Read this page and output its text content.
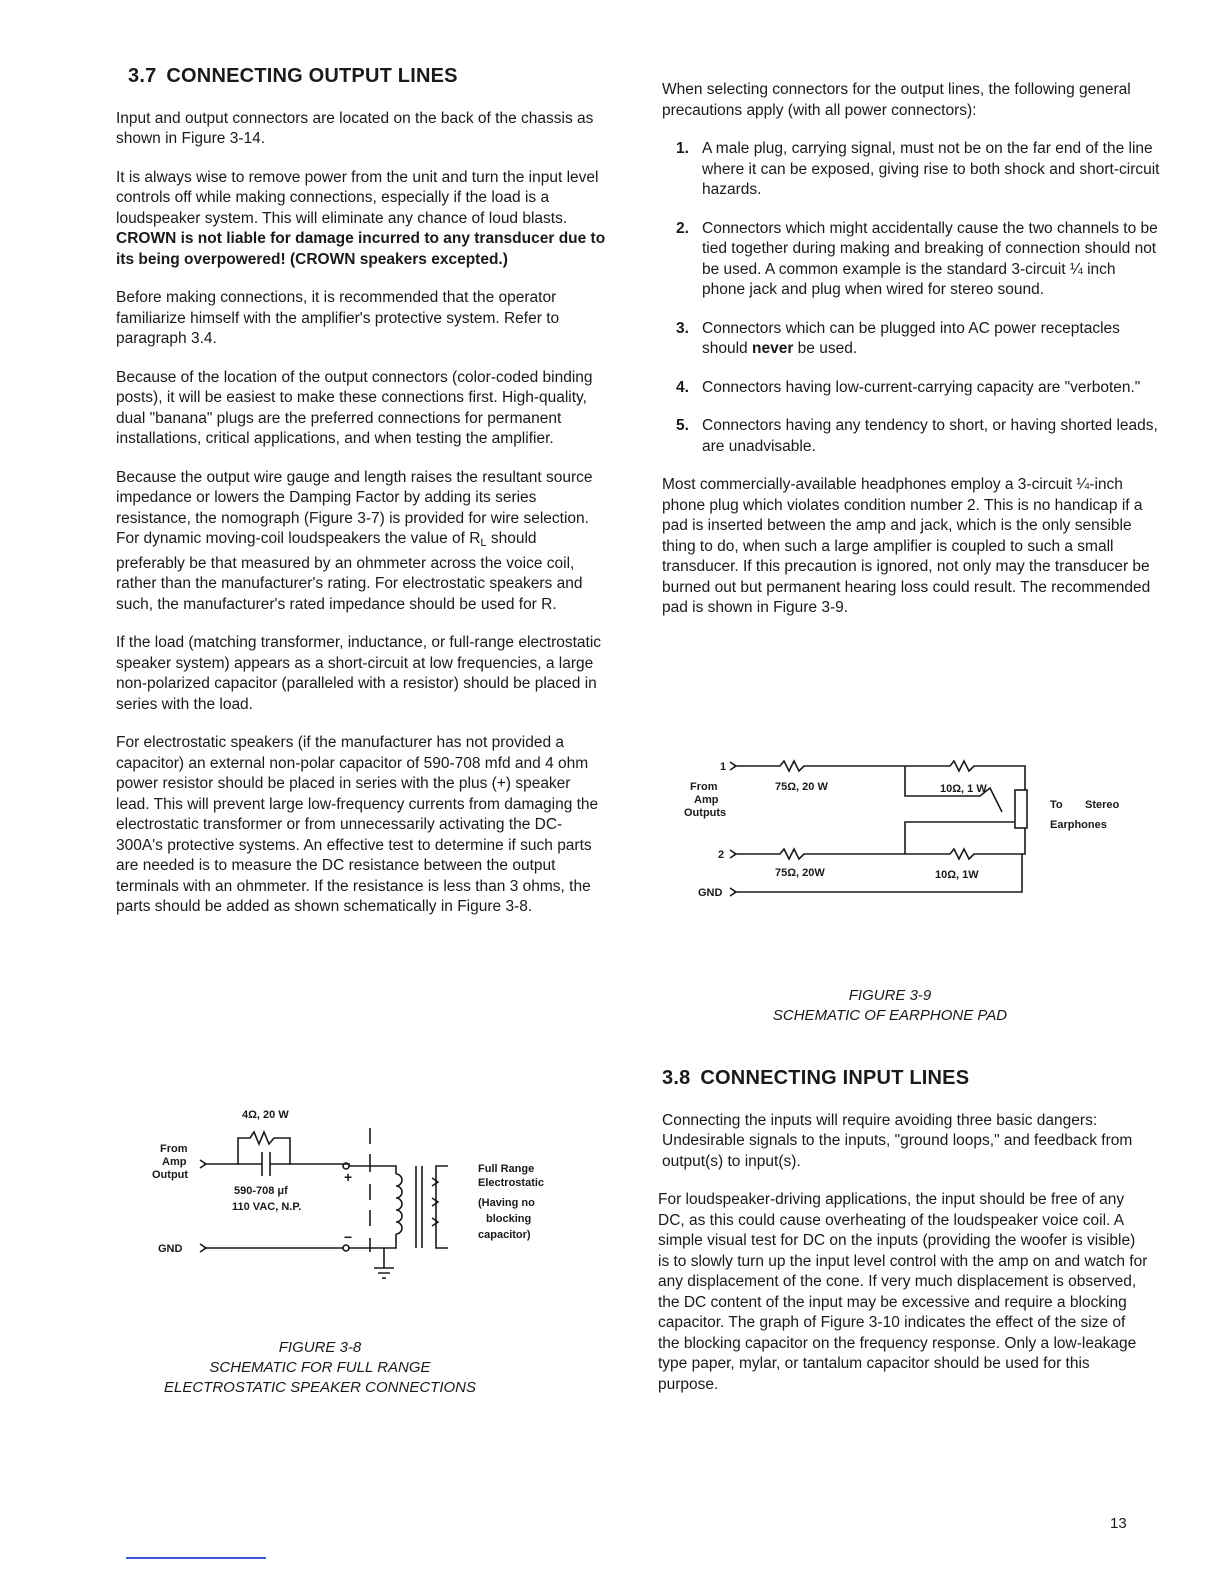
3.7 CONNECTING OUTPUT LINES

Input and output connectors are located on the back of the chassis as shown in Figure 3-14.

It is always wise to remove power from the unit and turn the input level controls off while making connections, especially if the load is a loudspeaker system. This will eliminate any chance of loud blasts. CROWN is not liable for damage incurred to any transducer due to its being overpowered! (CROWN speakers excepted.)

Before making connections, it is recommended that the operator familiarize himself with the amplifier's protective system. Refer to paragraph 3.4.

Because of the location of the output connectors (color-coded binding posts), it will be easiest to make these connections first. High-quality, dual "banana" plugs are the preferred connections for permanent installations, critical applications, and when testing the amplifier.

Because the output wire gauge and length raises the resultant source impedance or lowers the Damping Factor by adding its series resistance, the nomograph (Figure 3-7) is provided for wire selection. For dynamic moving-coil loudspeakers the value of $R_L$ should preferably be that measured by an ohmmeter across the voice coil, rather than the manufacturer's rating. For electrostatic speakers and such, the manufacturer's rated impedance should be used for R.

If the load (matching transformer, inductance, or full-range electrostatic speaker system) appears as a short-circuit at low frequencies, a large non-polarized capacitor (paralleled with a resistor) should be placed in series with the load.

For electrostatic speakers (if the manufacturer has not provided a capacitor) an external non-polar capacitor of 590-708 mfd and 4 ohm power resistor should be placed in series with the plus (+) speaker lead. This will prevent large low-frequency currents from damaging the electrostatic transformer or from unnecessarily activating the DC-300A's protective systems. An effective test to determine if such parts are needed is to measure the DC resistance between the output terminals with an ohmmeter. If the resistance is less than 3 ohms, the parts should be added as shown schematically in Figure 3-8.

When selecting connectors for the output lines, the following general precautions apply (with all power connectors):

1. A male plug, carrying signal, must not be on the far end of the line where it can be exposed, giving rise to both shock and short-circuit hazards.
2. Connectors which might accidentally cause the two channels to be tied together during making and breaking of connection should not be used. A common example is the standard 3-circuit ¼ inch phone jack and plug when wired for stereo sound.
3. Connectors which can be plugged into AC power receptacles should never be used.
4. Connectors having low-current-carrying capacity are "verboten."
5. Connectors having any tendency to short, or having shorted leads, are unadvisable.

Most commercially-available headphones employ a 3-circuit ¼-inch phone plug which violates condition number 2. This is no handicap if a pad is inserted between the amp and jack, which is the only sensible thing to do, when such a large amplifier is coupled to such a small transducer. If this precaution is ignored, not only may the transducer be burned out but permanent hearing loss could result. The recommended pad is shown in Figure 3-9.

1
2
From
Amp
Outputs
GND
75Ω, 20 W
75Ω, 20W
10Ω, 1 W
10Ω, 1W
To Stereo
Earphones
FIGURE 3-9
SCHEMATIC OF EARPHONE PAD
3.8 CONNECTING INPUT LINES

Connecting the inputs will require avoiding three basic dangers: Undesirable signals to the inputs, "ground loops," and feedback from output(s) to input(s).

For loudspeaker-driving applications, the input should be free of any DC, as this could cause overheating of the loudspeaker voice coil. A simple visual test for DC on the inputs (providing the woofer is visible) is to slowly turn up the input level control with the amp on and watch for any displacement of the cone. If very much displacement is observed, the DC content of the input may be excessive and require a blocking capacitor. The graph of Figure 3-10 indicates the effect of the size of the blocking capacitor on the frequency response. Only a low-leakage type paper, mylar, or tantalum capacitor should be used for this purpose.

4Ω, 20 W
From
Amp
Output
GND
590-708 μf
110 VAC, N.P.
+
−
Full Range
Electrostatic
(Having no
blocking
capacitor)
FIGURE 3-8
SCHEMATIC FOR FULL RANGE
ELECTROSTATIC SPEAKER CONNECTIONS
13
